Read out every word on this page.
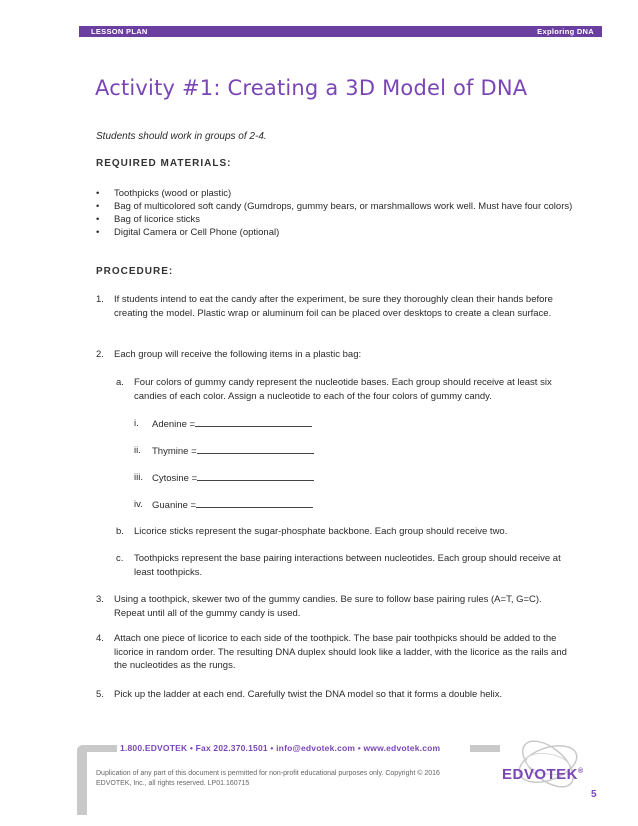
LESSON PLAN	Exploring DNA
Activity #1: Creating a 3D Model of DNA

Students should work in groups of 2-4.

REQUIRED MATERIALS:
• Toothpicks (wood or plastic)
• Bag of multicolored soft candy (Gumdrops, gummy bears, or marshmallows work well. Must have four colors)
• Bag of licorice sticks
• Digital Camera or Cell Phone (optional)
PROCEDURE:
1.	If students intend to eat the candy after the experiment, be sure they thoroughly clean their hands before creating the model. Plastic wrap or aluminum foil can be placed over desktops to create a clean surface.
2.	Each group will receive the following items in a plastic bag:
a.	Four colors of gummy candy represent the nucleotide bases. Each group should receive at least six candies of each color. Assign a nucleotide to each of the four colors of gummy candy.
i. Adenine =
ii. Thymine =
iii. Cytosine =
iv. Guanine =
b.	Licorice sticks represent the sugar-phosphate backbone. Each group should receive two.
c.	Toothpicks represent the base pairing interactions between nucleotides. Each group should receive at least toothpicks.
3.	Using a toothpick, skewer two of the gummy candies. Be sure to follow base pairing rules (A=T, G=C). Repeat until all of the gummy candy is used.
4.	Attach one piece of licorice to each side of the toothpick. The base pair toothpicks should be added to the licorice in random order. The resulting DNA duplex should look like a ladder, with the licorice as the rails and the nucleotides as the rungs.
5.	Pick up the ladder at each end. Carefully twist the DNA model so that it forms a double helix.
1.800.EDVOTEK • Fax 202.370.1501 • info@edvotek.com • www.edvotek.com
Duplication of any part of this document is permitted for non-profit educational purposes only. Copyright © 2016
EDVOTEK, Inc., all rights reserved. LP01.160715
EDVOTEK®
5
